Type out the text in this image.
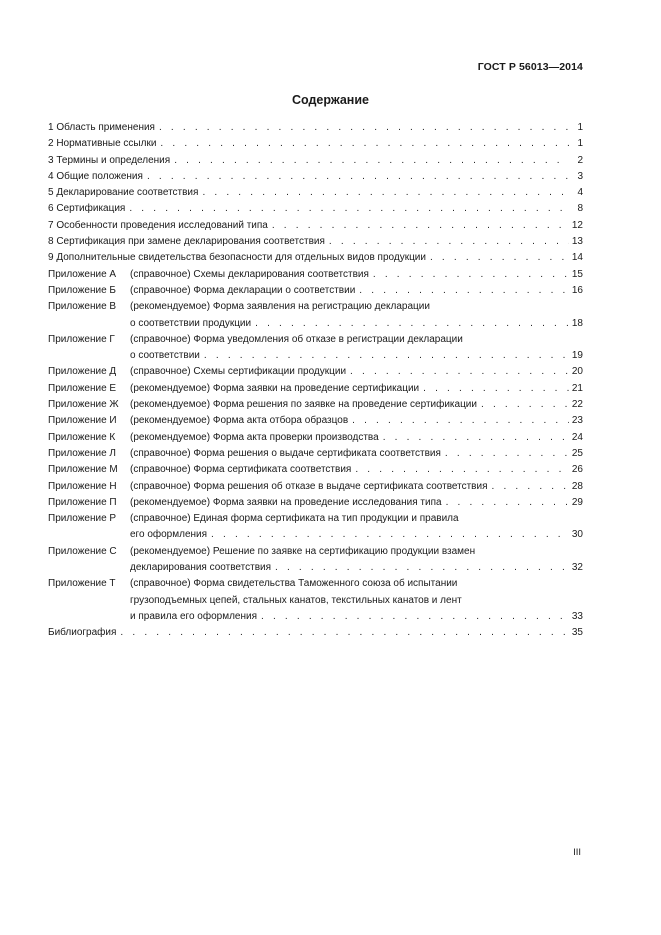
ГОСТ Р 56013—2014
Содержание
1 Область применения . . .	1
2 Нормативные ссылки . . .	1
3 Термины и определения . . .	2
4 Общие положения . . .	3
5 Декларирование соответствия . . .	4
6 Сертификация . . .	8
7 Особенности проведения исследований типа . . .	12
8 Сертификация при замене декларирования соответствия . . .	13
9 Дополнительные свидетельства безопасности для отдельных видов продукции . . .	14
Приложение А	(справочное) Схемы декларирования соответствия . . .	15
Приложение Б	(справочное) Форма декларации о соответствии . . .	16
Приложение В	(рекомендуемое) Форма заявления на регистрацию декларации
о соответствии продукции . . .	18
Приложение Г	(справочное) Форма уведомления об отказе в регистрации декларации
о соответствии . . .	19
Приложение Д	(справочное) Схемы сертификации продукции . . .	20
Приложение Е	(рекомендуемое) Форма заявки на проведение сертификации . . .	21
Приложение Ж	(рекомендуемое) Форма решения по заявке на проведение сертификации . . .	22
Приложение И	(рекомендуемое) Форма акта отбора образцов . . .	23
Приложение К	(рекомендуемое) Форма акта проверки производства . . .	24
Приложение Л	(справочное) Форма решения о выдаче сертификата соответствия . . .	25
Приложение М	(справочное) Форма сертификата соответствия . . .	26
Приложение Н	(справочное) Форма решения об отказе в выдаче сертификата соответствия . . .	28
Приложение П	(рекомендуемое) Форма заявки на проведение исследования типа . . .	29
Приложение Р	(справочное) Единая форма сертификата на тип продукции и правила
его оформления . . .	30
Приложение С	(рекомендуемое) Решение по заявке на сертификацию продукции взамен
декларирования соответствия . . .	32
Приложение Т	(справочное) Форма свидетельства Таможенного союза об испытании
грузоподъемных цепей, стальных канатов, текстильных канатов и лент
и правила его оформления . . .	33
Библиография . . .	35
III
